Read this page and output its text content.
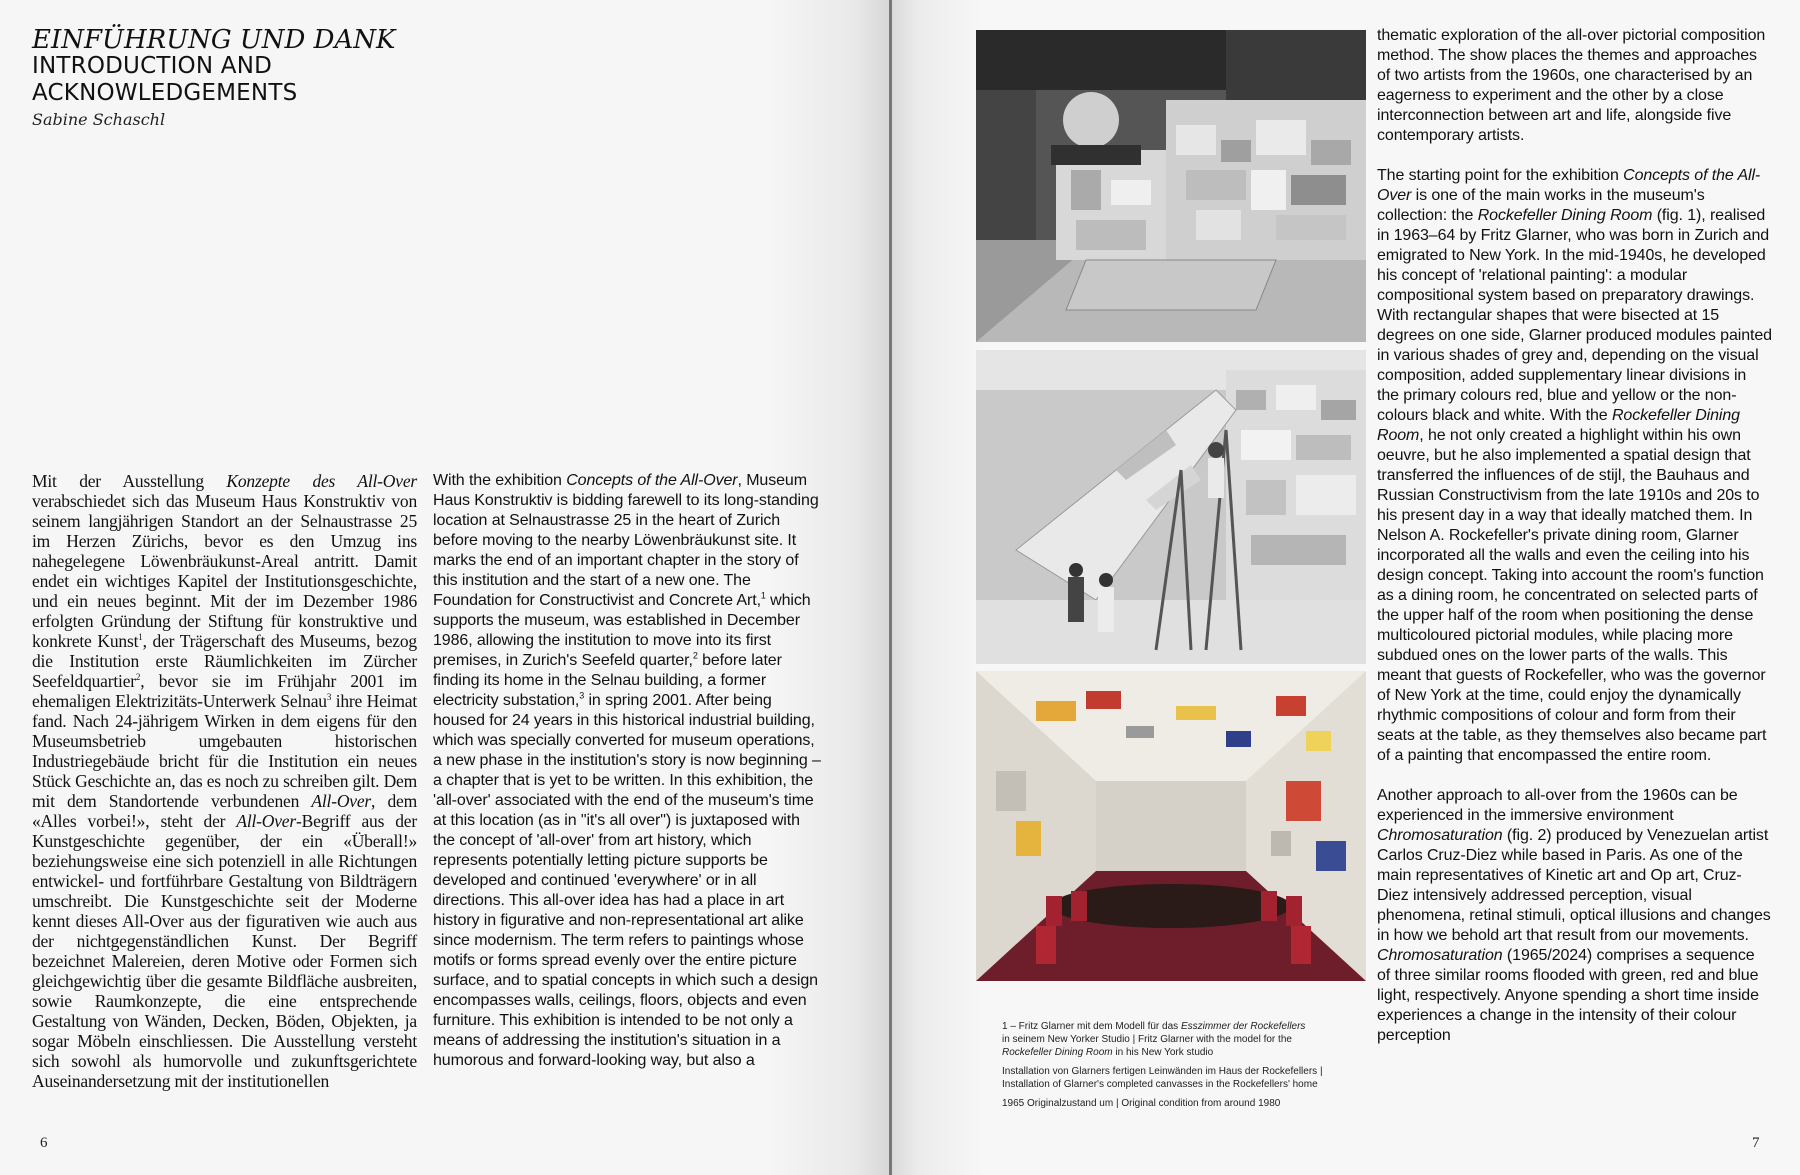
EINFÜHRUNG UND DANK
INTRODUCTION AND
ACKNOWLEDGEMENTS
Sabine Schaschl

Mit der Ausstellung Konzepte des All-Over verabschiedet sich das Museum Haus Konstruktiv von seinem langjährigen Standort an der Selnaustrasse 25 im Herzen Zürichs, bevor es den Umzug ins nahegelegene Löwenbräukunst-Areal antritt. Damit endet ein wichtiges Kapitel der Institutionsgeschichte, und ein neues beginnt. Mit der im Dezember 1986 erfolgten Gründung der Stiftung für konstruktive und konkrete Kunst$^1$, der Trägerschaft des Museums, bezog die Institution erste Räumlichkeiten im Zürcher Seefeldquartier$^2$, bevor sie im Frühjahr 2001 im ehemaligen Elektrizitäts-Unterwerk Selnau$^3$ ihre Heimat fand. Nach 24-jährigem Wirken in dem eigens für den Museumsbetrieb umgebauten historischen Industriegebäude bricht für die Institution ein neues Stück Geschichte an, das es noch zu schreiben gilt. Dem mit dem Standortende verbundenen All-Over, dem «Alles vorbei!», steht der All-Over-Begriff aus der Kunstgeschichte gegenüber, der ein «Überall!» beziehungsweise eine sich potenziell in alle Richtungen entwickel- und fortführbare Gestaltung von Bildträgern umschreibt. Die Kunstgeschichte seit der Moderne kennt dieses All-Over aus der figurativen wie auch aus der nichtgegenständlichen Kunst. Der Begriff bezeichnet Malereien, deren Motive oder Formen sich gleichgewichtig über die gesamte Bildfläche ausbreiten, sowie Raumkonzepte, die eine entsprechende Gestaltung von Wänden, Decken, Böden, Objekten, ja sogar Möbeln einschliessen. Die Ausstellung versteht sich sowohl als humorvolle und zukunftsgerichtete Auseinandersetzung mit der institutionellen

With the exhibition Concepts of the All-Over, Museum Haus Konstruktiv is bidding farewell to its long-standing location at Selnaustrasse 25 in the heart of Zurich before moving to the nearby Löwenbräukunst site. It marks the end of an important chapter in the story of this institution and the start of a new one. The Foundation for Constructivist and Concrete Art,$^1$ which supports the museum, was established in December 1986, allowing the institution to move into its first premises, in Zurich's Seefeld quarter,$^2$ before later finding its home in the Selnau building, a former electricity substation,$^3$ in spring 2001. After being housed for 24 years in this historical industrial building, which was specially converted for museum operations, a new phase in the institution's story is now beginning – a chapter that is yet to be written. In this exhibition, the 'all-over' associated with the end of the museum's time at this location (as in "it's all over") is juxtaposed with the concept of 'all-over' from art history, which represents potentially letting picture supports be developed and continued 'everywhere' or in all directions. This all-over idea has had a place in art history in figurative and non-representational art alike since modernism. The term refers to paintings whose motifs or forms spread evenly over the entire picture surface, and to spatial concepts in which such a design encompasses walls, ceilings, floors, objects and even furniture. This exhibition is intended to be not only a means of addressing the institution's situation in a humorous and forward-looking way, but also a

6
1 – Fritz Glarner mit dem Modell für das Esszimmer der Rockefellers
in seinem New Yorker Studio | Fritz Glarner with the model for the
Rockefeller Dining Room in his New York studio
Installation von Glarners fertigen Leinwänden im Haus der Rockefellers |
Installation of Glarner's completed canvasses in the Rockefellers' home
1965 Originalzustand um | Original condition from around 1980

thematic exploration of the all-over pictorial composition method. The show places the themes and approaches of two artists from the 1960s, one characterised by an eagerness to experiment and the other by a close interconnection between art and life, alongside five contemporary artists.

The starting point for the exhibition Concepts of the All-Over is one of the main works in the museum's collection: the Rockefeller Dining Room (fig. 1), realised in 1963–64 by Fritz Glarner, who was born in Zurich and emigrated to New York. In the mid-1940s, he developed his concept of 'relational painting': a modular compositional system based on preparatory drawings. With rectangular shapes that were bisected at 15 degrees on one side, Glarner produced modules painted in various shades of grey and, depending on the visual composition, added supplementary linear divisions in the primary colours red, blue and yellow or the non-colours black and white. With the Rockefeller Dining Room, he not only created a highlight within his own oeuvre, but he also implemented a spatial design that transferred the influences of de stijl, the Bauhaus and Russian Constructivism from the late 1910s and 20s to his present day in a way that ideally matched them. In Nelson A. Rockefeller's private dining room, Glarner incorporated all the walls and even the ceiling into his design concept. Taking into account the room's function as a dining room, he concentrated on selected parts of the upper half of the room when positioning the dense multicoloured pictorial modules, while placing more subdued ones on the lower parts of the walls. This meant that guests of Rockefeller, who was the governor of New York at the time, could enjoy the dynamically rhythmic compositions of colour and form from their seats at the table, as they themselves also became part of a painting that encompassed the entire room.

Another approach to all-over from the 1960s can be experienced in the immersive environment Chromosaturation (fig. 2) produced by Venezuelan artist Carlos Cruz-Diez while based in Paris. As one of the main representatives of Kinetic art and Op art, Cruz-Diez intensively addressed perception, visual phenomena, retinal stimuli, optical illusions and changes in how we behold art that result from our movements. Chromosaturation (1965/2024) comprises a sequence of three similar rooms flooded with green, red and blue light, respectively. Anyone spending a short time inside experiences a change in the intensity of their colour perception

7
